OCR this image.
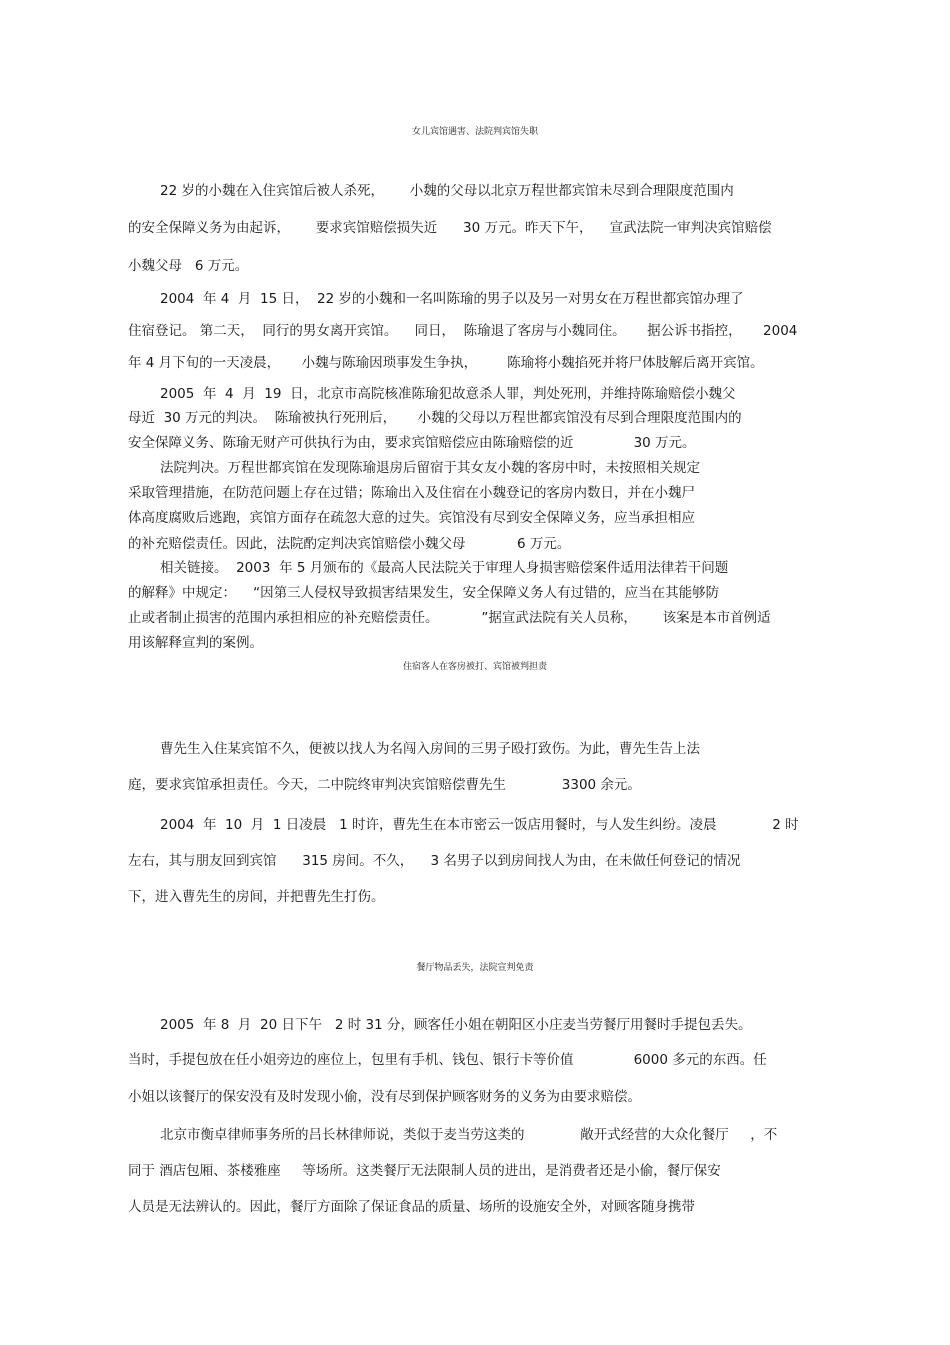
女儿宾馆遇害、法院判宾馆失职
22 岁的小魏在入住宾馆后被人杀死，      小魏的父母以北京万程世都宾馆未尽到合理限度范围内
的安全保障义务为由起诉，      要求宾馆赔偿损失近      30 万元。昨天下午，    宣武法院一审判决宾馆赔偿
小魏父母   6 万元。
2004  年 4  月  15 日，  22 岁的小魏和一名叫陈瑜的男子以及另一对男女在万程世都宾馆办理了
住宿登记。 第二天，  同行的男女离开宾馆。    同日，  陈瑜退了客房与小魏同住。     据公诉书指控，     2004
年 4 月下旬的一天凌晨，     小魏与陈瑜因琐事发生争执，       陈瑜将小魏掐死并将尸体肢解后离开宾馆。
2005  年  4  月  19  日，北京市高院核准陈瑜犯故意杀人罪，判处死刑，并维持陈瑜赔偿小魏父
母近  30 万元的判决。  陈瑜被执行死刑后，     小魏的父母以万程世都宾馆没有尽到合理限度范围内的
安全保障义务、陈瑜无财产可供执行为由，要求宾馆赔偿应由陈瑜赔偿的近              30 万元。
法院判决。万程世都宾馆在发现陈瑜退房后留宿于其女友小魏的客房中时，未按照相关规定
采取管理措施，在防范问题上存在过错；陈瑜出入及住宿在小魏登记的客房内数日，并在小魏尸
体高度腐败后逃跑，宾馆方面存在疏忽大意的过失。宾馆没有尽到安全保障义务，应当承担相应
的补充赔偿责任。因此，法院酌定判决宾馆赔偿小魏父母            6 万元。
相关链接。  2003  年 5 月颁布的《最高人民法院关于审理人身损害赔偿案件适用法律若干问题
的解释》中规定：    “因第三人侵权导致损害结果发生，安全保障义务人有过错的，应当在其能够防
止或者制止损害的范围内承担相应的补充赔偿责任。          ”据宣武法院有关人员称，      该案是本市首例适
用该解释宣判的案例。
住宿客人在客房被打、宾馆被判担责
曹先生入住某宾馆不久，便被以找人为名闯入房间的三男子殴打致伤。为此，曹先生告上法
庭，要求宾馆承担责任。今天，二中院终审判决宾馆赔偿曹先生             3300 余元。
2004  年  10  月  1 日凌晨   1 时许，曹先生在本市密云一饭店用餐时，与人发生纠纷。凌晨             2 时
左右，其与朋友回到宾馆      315 房间。不久，    3 名男子以到房间找人为由，在未做任何登记的情况
下，进入曹先生的房间，并把曹先生打伤。
餐厅物品丢失，法院宣判免责
2005  年 8  月  20 日下午   2 时 31 分，顾客任小姐在朝阳区小庄麦当劳餐厅用餐时手提包丢失。
当时，手提包放在任小姐旁边的座位上，包里有手机、钱包、银行卡等价值              6000 多元的东西。任
小姐以该餐厅的保安没有及时发现小偷，没有尽到保护顾客财务的义务为由要求赔偿。
北京市衡卓律师事务所的吕长林律师说，类似于麦当劳这类的             敞开式经营的大众化餐厅     ，不
同于 酒店包厢、茶楼雅座     等场所。这类餐厅无法限制人员的进出，是消费者还是小偷，餐厅保安
人员是无法辨认的。因此，餐厅方面除了保证食品的质量、场所的设施安全外，对顾客随身携带
